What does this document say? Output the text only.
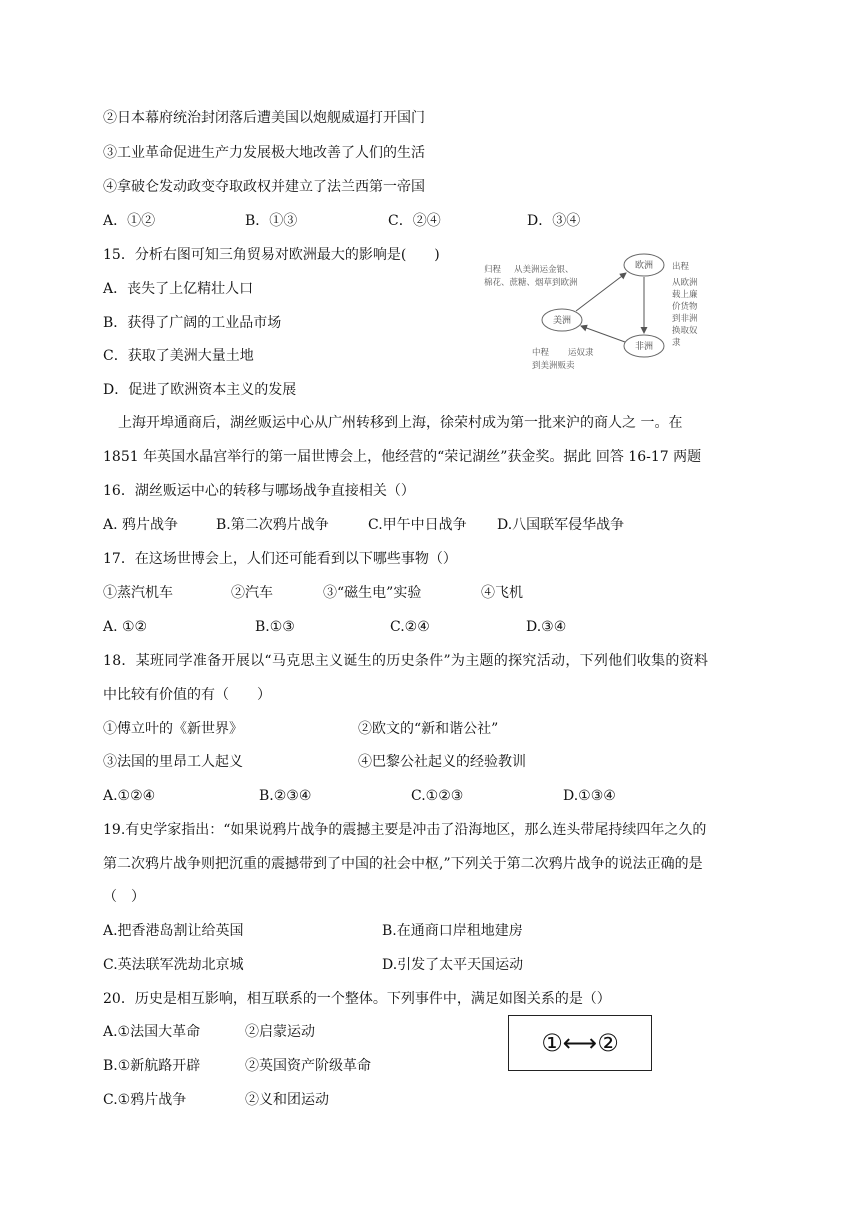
②日本幕府统治封闭落后遭美国以炮舰威逼打开国门
③工业革命促进生产力发展极大地改善了人们的生活
④拿破仑发动政变夺取政权并建立了法兰西第一帝国
A．①②	B．①③	C．②④	D．③④
15．分析右图可知三角贸易对欧洲最大的影响是(　　)
A．丧失了上亿精壮人口
B．获得了广阔的工业品市场
C．获取了美洲大量土地
D．促进了欧洲资本主义的发展
欧洲
美洲
非洲
归程 从美洲运金银、
棉花、蔗糖、烟草到欧洲
出程
从欧洲
载上廉
价货物
到非洲
换取奴
隶
中程 运奴隶
到美洲贩卖
上海开埠通商后，湖丝贩运中心从广州转移到上海，徐荣村成为第一批来沪的商人之 一。在
1851 年英国水晶宫举行的第一届世博会上，他经营的“荣记湖丝”获金奖。据此 回答 16-17 两题
16．湖丝贩运中心的转移与哪场战争直接相关（）
A. 鸦片战争	B.第二次鸦片战争	C.甲午中日战争 D.八国联军侵华战争
17．在这场世博会上，人们还可能看到以下哪些事物（）
①蒸汽机车	②汽车	③“磁生电”实验	④飞机
A. ①②	B.①③	C.②④	D.③④
18．某班同学准备开展以“马克思主义诞生的历史条件”为主题的探究活动，下列他们收集的资料
中比较有价值的有（　　）
①傅立叶的《新世界》	②欧文的“新和谐公社”
③法国的里昂工人起义	④巴黎公社起义的经验教训
A.①②④	B.②③④	C.①②③	D.①③④
19.有史学家指出：“如果说鸦片战争的震撼主要是冲击了沿海地区，那么连头带尾持续四年之久的
第二次鸦片战争则把沉重的震撼带到了中国的社会中枢,”下列关于第二次鸦片战争的说法正确的是
（　）
A.把香港岛割让给英国	B.在通商口岸租地建房
C.英法联军洗劫北京城	D.引发了太平天国运动
20．历史是相互影响，相互联系的一个整体。下列事件中，满足如图关系的是（）
A.①法国大革命	②启蒙运动
B.①新航路开辟	②英国资产阶级革命
C.①鸦片战争	②义和团运动
①⟷②
